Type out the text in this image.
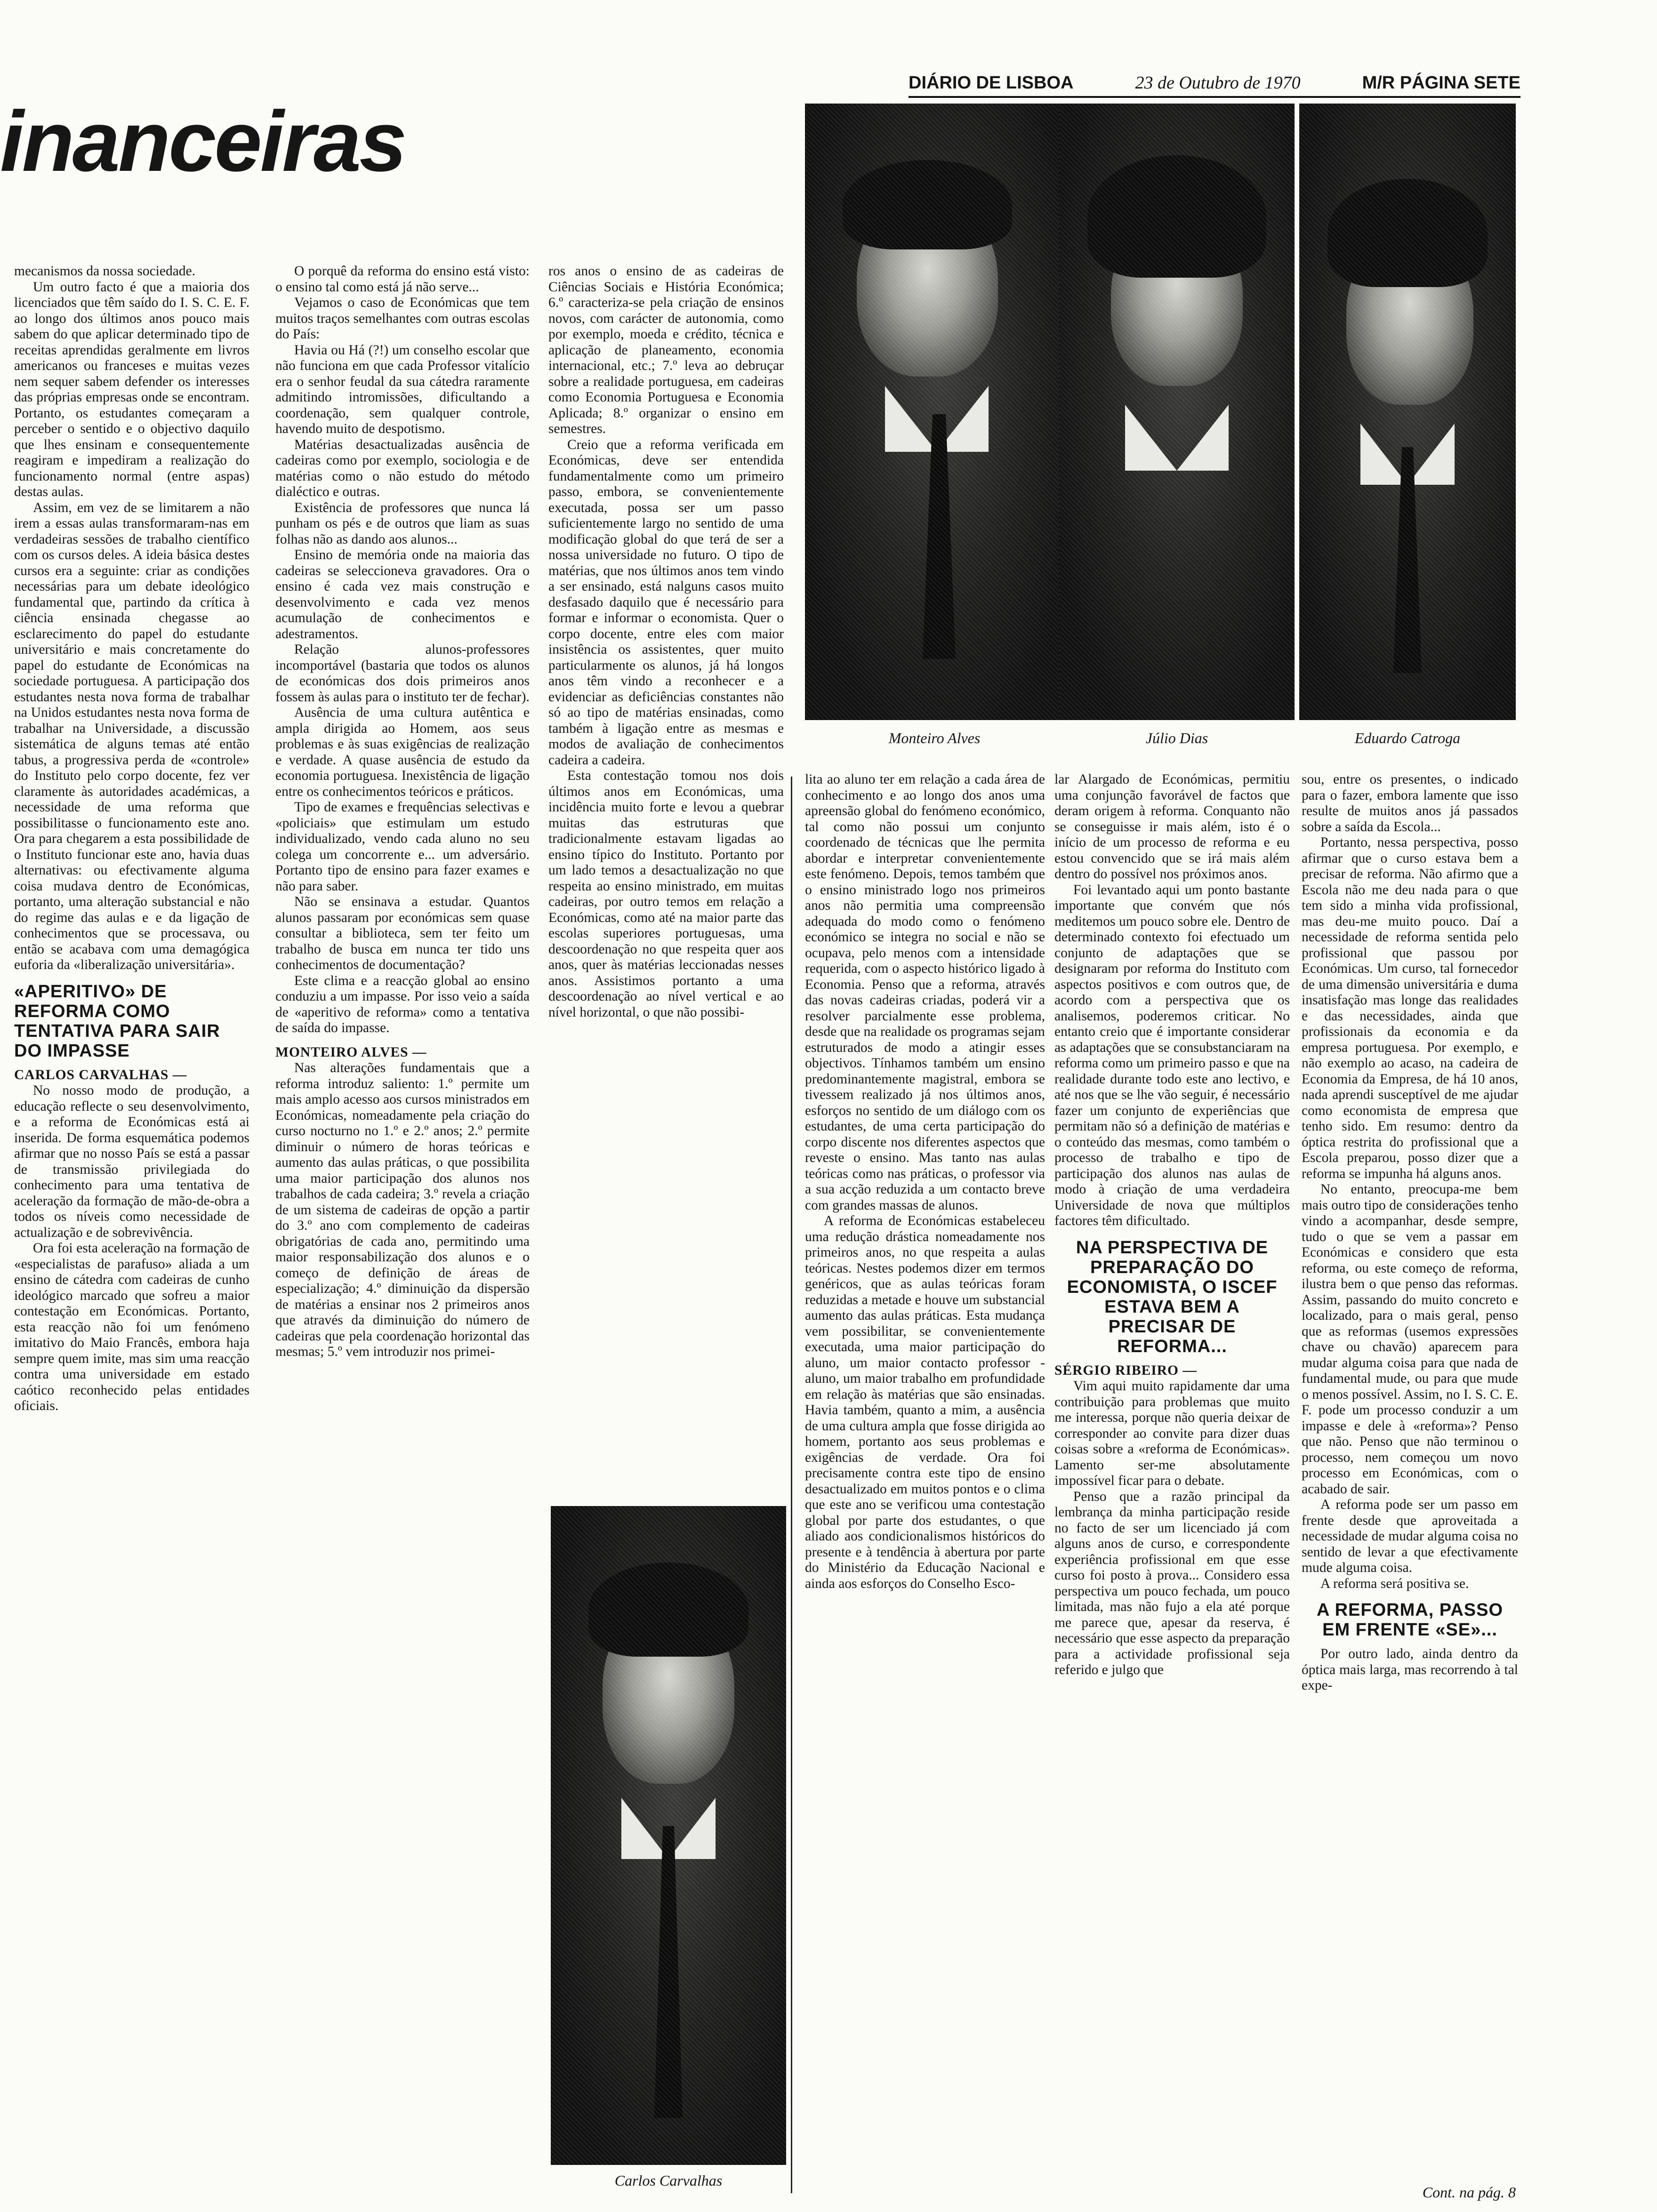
DIÁRIO DE LISBOA	23 de Outubro de 1970	M/R PÁGINA SETE
inanceiras
Monteiro Alves	Júlio Dias	Eduardo Catroga
Carlos Carvalhas

mecanismos da nossa sociedade.

Um outro facto é que a maioria dos licenciados que têm saído do I. S. C. E. F. ao longo dos últimos anos pouco mais sabem do que aplicar determinado tipo de receitas aprendidas geralmente em livros americanos ou franceses e muitas vezes nem sequer sabem defender os interesses das próprias empresas onde se encontram. Portanto, os estudantes começaram a perceber o sentido e o objectivo daquilo que lhes ensinam e consequentemente reagiram e impediram a realização do funcionamento normal (entre aspas) destas aulas.

Assim, em vez de se limitarem a não irem a essas aulas transformaram-nas em verdadeiras sessões de trabalho científico com os cursos deles. A ideia básica destes cursos era a seguinte: criar as condições necessárias para um debate ideológico fundamental que, partindo da crítica à ciência ensinada chegasse ao esclarecimento do papel do estudante universitário e mais concretamente do papel do estudante de Económicas na sociedade portuguesa. A participação dos estudantes nesta nova forma de trabalhar na Unidos estudantes nesta nova forma de trabalhar na Universidade, a discussão sistemática de alguns temas até então tabus, a progressiva perda de «controle» do Instituto pelo corpo docente, fez ver claramente às autoridades académicas, a necessidade de uma reforma que possibilitasse o funcionamento este ano. Ora para chegarem a esta possibilidade de o Instituto funcionar este ano, havia duas alternativas: ou efectivamente alguma coisa mudava dentro de Económicas, portanto, uma alteração substancial e não do regime das aulas e e da ligação de conhecimentos que se processava, ou então se acabava com uma demagógica euforia da «liberalização universitária».

«APERITIVO» DE REFORMA COMO TENTATIVA PARA SAIR DO IMPASSE

CARLOS CARVALHAS —

No nosso modo de produção, a educação reflecte o seu desenvolvimento, e a reforma de Económicas está ai inserida. De forma esquemática podemos afirmar que no nosso País se está a passar de transmissão privilegiada do conhecimento para uma tentativa de aceleração da formação de mão-de-obra a todos os níveis como necessidade de actualização e de sobrevivência.

Ora foi esta aceleração na formação de «especialistas de parafuso» aliada a um ensino de cátedra com cadeiras de cunho ideológico marcado que sofreu a maior contestação em Económicas. Portanto, esta reacção não foi um fenómeno imitativo do Maio Francês, embora haja sempre quem imite, mas sim uma reacção contra uma universidade em estado caótico reconhecido pelas entidades oficiais.

O porquê da reforma do ensino está visto: o ensino tal como está já não serve...

Vejamos o caso de Económicas que tem muitos traços semelhantes com outras escolas do País:

Havia ou Há (?!) um conselho escolar que não funciona em que cada Professor vitalício era o senhor feudal da sua cátedra raramente admitindo intromissões, dificultando a coordenação, sem qualquer controle, havendo muito de despotismo.

Matérias desactualizadas ausência de cadeiras como por exemplo, sociologia e de matérias como o não estudo do método dialéctico e outras.

Existência de professores que nunca lá punham os pés e de outros que liam as suas folhas não as dando aos alunos...

Ensino de memória onde na maioria das cadeiras se seleccioneva gravadores. Ora o ensino é cada vez mais construção e desenvolvimento e cada vez menos acumulação de conhecimentos e adestramentos.

Relação alunos-professores incomportável (bastaria que todos os alunos de económicas dos dois primeiros anos fossem às aulas para o instituto ter de fechar).

Ausência de uma cultura autêntica e ampla dirigida ao Homem, aos seus problemas e às suas exigências de realização e verdade. A quase ausência de estudo da economia portuguesa. Inexistência de ligação entre os conhecimentos teóricos e práticos.

Tipo de exames e frequências selectivas e «policiais» que estimulam um estudo individualizado, vendo cada aluno no seu colega um concorrente e... um adversário. Portanto tipo de ensino para fazer exames e não para saber.

Não se ensinava a estudar. Quantos alunos passaram por económicas sem quase consultar a biblioteca, sem ter feito um trabalho de busca em nunca ter tido uns conhecimentos de documentação?

Este clima e a reacção global ao ensino conduziu a um impasse. Por isso veio a saída de «aperitivo de reforma» como a tentativa de saída do impasse.

MONTEIRO ALVES —

Nas alterações fundamentais que a reforma introduz saliento: 1.º permite um mais amplo acesso aos cursos ministrados em Económicas, nomeadamente pela criação do curso nocturno no 1.º e 2.º anos; 2.º permite diminuir o número de horas teóricas e aumento das aulas práticas, o que possibilita uma maior participação dos alunos nos trabalhos de cada cadeira; 3.º revela a criação de um sistema de cadeiras de opção a partir do 3.º ano com complemento de cadeiras obrigatórias de cada ano, permitindo uma maior responsabilização dos alunos e o começo de definição de áreas de especialização; 4.º diminuição da dispersão de matérias a ensinar nos 2 primeiros anos que através da diminuição do número de cadeiras que pela coordenação horizontal das mesmas; 5.º vem introduzir nos primei-

ros anos o ensino de as cadeiras de Ciências Sociais e História Económica; 6.º caracteriza-se pela criação de ensinos novos, com carácter de autonomia, como por exemplo, moeda e crédito, técnica e aplicação de planeamento, economia internacional, etc.; 7.º leva ao debruçar sobre a realidade portuguesa, em cadeiras como Economia Portuguesa e Economia Aplicada; 8.º organizar o ensino em semestres.

Creio que a reforma verificada em Económicas, deve ser entendida fundamentalmente como um primeiro passo, embora, se convenientemente executada, possa ser um passo suficientemente largo no sentido de uma modificação global do que terá de ser a nossa universidade no futuro. O tipo de matérias, que nos últimos anos tem vindo a ser ensinado, está nalguns casos muito desfasado daquilo que é necessário para formar e informar o economista. Quer o corpo docente, entre eles com maior insistência os assistentes, quer muito particularmente os alunos, já há longos anos têm vindo a reconhecer e a evidenciar as deficiências constantes não só ao tipo de matérias ensinadas, como também à ligação entre as mesmas e modos de avaliação de conhecimentos cadeira a cadeira.

Esta contestação tomou nos dois últimos anos em Económicas, uma incidência muito forte e levou a quebrar muitas das estruturas que tradicionalmente estavam ligadas ao ensino típico do Instituto. Portanto por um lado temos a desactualização no que respeita ao ensino ministrado, em muitas cadeiras, por outro temos em relação a Económicas, como até na maior parte das escolas superiores portuguesas, uma descoordenação no que respeita quer aos anos, quer às matérias leccionadas nesses anos. Assistimos portanto a uma descoordenação ao nível vertical e ao nível horizontal, o que não possibi-

lita ao aluno ter em relação a cada área de conhecimento e ao longo dos anos uma apreensão global do fenómeno económico, tal como não possui um conjunto coordenado de técnicas que lhe permita abordar e interpretar convenientemente este fenómeno. Depois, temos também que o ensino ministrado logo nos primeiros anos não permitia uma compreensão adequada do modo como o fenómeno económico se integra no social e não se ocupava, pelo menos com a intensidade requerida, com o aspecto histórico ligado à Economia. Penso que a reforma, através das novas cadeiras criadas, poderá vir a resolver parcialmente esse problema, desde que na realidade os programas sejam estruturados de modo a atingir esses objectivos. Tínhamos também um ensino predominantemente magistral, embora se tivessem realizado já nos últimos anos, esforços no sentido de um diálogo com os estudantes, de uma certa participação do corpo discente nos diferentes aspectos que reveste o ensino. Mas tanto nas aulas teóricas como nas práticas, o professor via a sua acção reduzida a um contacto breve com grandes massas de alunos.

A reforma de Económicas estabeleceu uma redução drástica nomeadamente nos primeiros anos, no que respeita a aulas teóricas. Nestes podemos dizer em termos genéricos, que as aulas teóricas foram reduzidas a metade e houve um substancial aumento das aulas práticas. Esta mudança vem possibilitar, se convenientemente executada, uma maior participação do aluno, um maior contacto professor - aluno, um maior trabalho em profundidade em relação às matérias que são ensinadas. Havia também, quanto a mim, a ausência de uma cultura ampla que fosse dirigida ao homem, portanto aos seus problemas e exigências de verdade. Ora foi precisamente contra este tipo de ensino desactualizado em muitos pontos e o clima que este ano se verificou uma contestação global por parte dos estudantes, o que aliado aos condicionalismos históricos do presente e à tendência à abertura por parte do Ministério da Educação Nacional e ainda aos esforços do Conselho Esco-

lar Alargado de Económicas, permitiu uma conjunção favorável de factos que deram origem à reforma. Conquanto não se conseguisse ir mais além, isto é o início de um processo de reforma e eu estou convencido que se irá mais além dentro do possível nos próximos anos.

Foi levantado aqui um ponto bastante importante que convém que nós meditemos um pouco sobre ele. Dentro de determinado contexto foi efectuado um conjunto de adaptações que se designaram por reforma do Instituto com aspectos positivos e com outros que, de acordo com a perspectiva que os analisemos, poderemos criticar. No entanto creio que é importante considerar as adaptações que se consubstanciaram na reforma como um primeiro passo e que na realidade durante todo este ano lectivo, e até nos que se lhe vão seguir, é necessário fazer um conjunto de experiências que permitam não só a definição de matérias e o conteúdo das mesmas, como também o processo de trabalho e tipo de participação dos alunos nas aulas de modo à criação de uma verdadeira Universidade de nova que múltiplos factores têm dificultado.

NA PERSPECTIVA DE PREPARAÇÃO DO ECONOMISTA, O ISCEF ESTAVA BEM A PRECISAR DE REFORMA...

SÉRGIO RIBEIRO —

Vim aqui muito rapidamente dar uma contribuição para problemas que muito me interessa, porque não queria deixar de corresponder ao convite para dizer duas coisas sobre a «reforma de Económicas». Lamento ser-me absolutamente impossível ficar para o debate.

Penso que a razão principal da lembrança da minha participação reside no facto de ser um licenciado já com alguns anos de curso, e correspondente experiência profissional em que esse curso foi posto à prova... Considero essa perspectiva um pouco fechada, um pouco limitada, mas não fujo a ela até porque me parece que, apesar da reserva, é necessário que esse aspecto da preparação para a actividade profissional seja referido e julgo que

sou, entre os presentes, o indicado para o fazer, embora lamente que isso resulte de muitos anos já passados sobre a saída da Escola...

Portanto, nessa perspectiva, posso afirmar que o curso estava bem a precisar de reforma. Não afirmo que a Escola não me deu nada para o que tem sido a minha vida profissional, mas deu-me muito pouco. Daí a necessidade de reforma sentida pelo profissional que passou por Económicas. Um curso, tal fornecedor de uma dimensão universitária e duma insatisfação mas longe das realidades e das necessidades, ainda que profissionais da economia e da empresa portuguesa. Por exemplo, e não exemplo ao acaso, na cadeira de Economia da Empresa, de há 10 anos, nada aprendi susceptível de me ajudar como economista de empresa que tenho sido. Em resumo: dentro da óptica restrita do profissional que a Escola preparou, posso dizer que a reforma se impunha há alguns anos.

No entanto, preocupa-me bem mais outro tipo de considerações tenho vindo a acompanhar, desde sempre, tudo o que se vem a passar em Económicas e considero que esta reforma, ou este começo de reforma, ilustra bem o que penso das reformas. Assim, passando do muito concreto e localizado, para o mais geral, penso que as reformas (usemos expressões chave ou chavão) aparecem para mudar alguma coisa para que nada de fundamental mude, ou para que mude o menos possível. Assim, no I. S. C. E. F. pode um processo conduzir a um impasse e dele à «reforma»? Penso que não. Penso que não terminou o processo, nem começou um novo processo em Económicas, com o acabado de sair.

A reforma pode ser um passo em frente desde que aproveitada a necessidade de mudar alguma coisa no sentido de levar a que efectivamente mude alguma coisa.

A reforma será positiva se.

A REFORMA, PASSO EM FRENTE «SE»...

Por outro lado, ainda dentro da óptica mais larga, mas recorrendo à tal expe-

Cont. na pág. 8
